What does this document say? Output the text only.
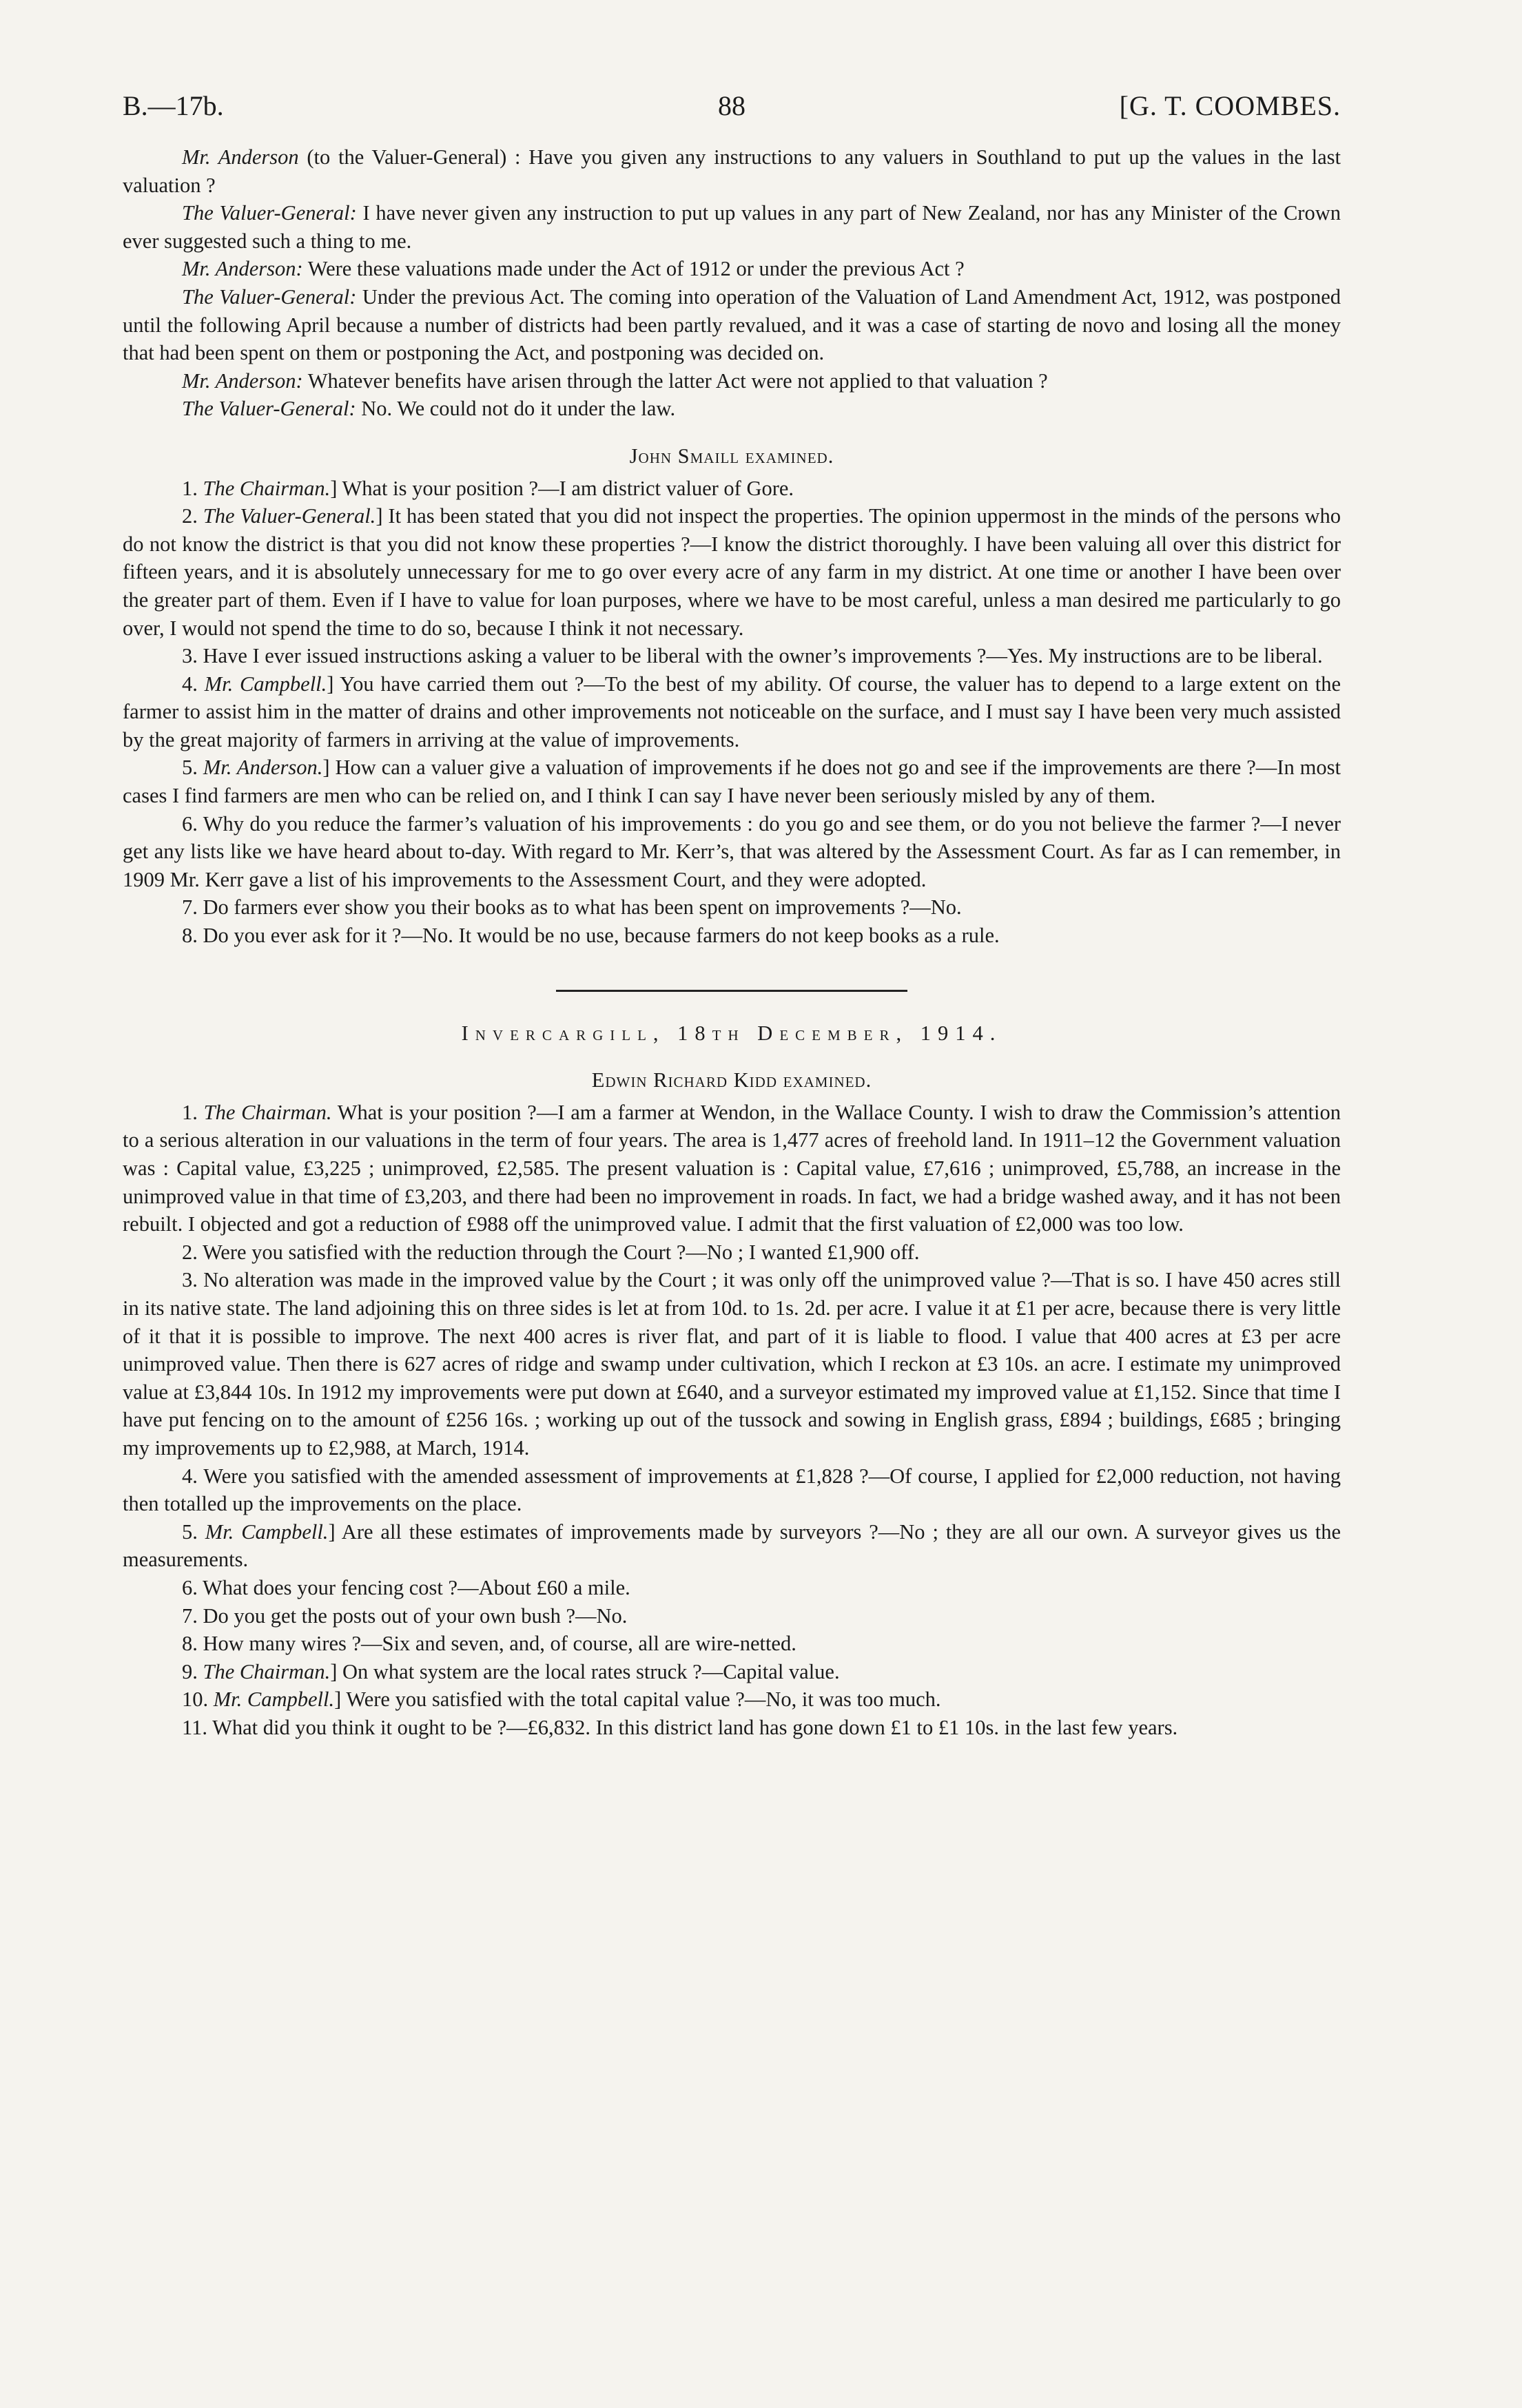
B.—17b.	88	[G. T. COOMBES.

Mr. Anderson (to the Valuer-General) : Have you given any instructions to any valuers in Southland to put up the values in the last valuation ?

The Valuer-General: I have never given any instruction to put up values in any part of New Zealand, nor has any Minister of the Crown ever suggested such a thing to me.

Mr. Anderson: Were these valuations made under the Act of 1912 or under the previous Act ?

The Valuer-General: Under the previous Act. The coming into operation of the Valuation of Land Amendment Act, 1912, was postponed until the following April because a number of districts had been partly revalued, and it was a case of starting de novo and losing all the money that had been spent on them or postponing the Act, and postponing was decided on.

Mr. Anderson: Whatever benefits have arisen through the latter Act were not applied to that valuation ?

The Valuer-General: No. We could not do it under the law.

John Smaill examined.

1. The Chairman.] What is your position ?—I am district valuer of Gore.

2. The Valuer-General.] It has been stated that you did not inspect the properties. The opinion uppermost in the minds of the persons who do not know the district is that you did not know these properties ?—I know the district thoroughly. I have been valuing all over this district for fifteen years, and it is absolutely unnecessary for me to go over every acre of any farm in my district. At one time or another I have been over the greater part of them. Even if I have to value for loan purposes, where we have to be most careful, unless a man desired me particularly to go over, I would not spend the time to do so, because I think it not necessary.

3. Have I ever issued instructions asking a valuer to be liberal with the owner’s improvements ?—Yes. My instructions are to be liberal.

4. Mr. Campbell.] You have carried them out ?—To the best of my ability. Of course, the valuer has to depend to a large extent on the farmer to assist him in the matter of drains and other improvements not noticeable on the surface, and I must say I have been very much assisted by the great majority of farmers in arriving at the value of improvements.

5. Mr. Anderson.] How can a valuer give a valuation of improvements if he does not go and see if the improvements are there ?—In most cases I find farmers are men who can be relied on, and I think I can say I have never been seriously misled by any of them.

6. Why do you reduce the farmer’s valuation of his improvements : do you go and see them, or do you not believe the farmer ?—I never get any lists like we have heard about to-day. With regard to Mr. Kerr’s, that was altered by the Assessment Court. As far as I can remember, in 1909 Mr. Kerr gave a list of his improvements to the Assessment Court, and they were adopted.

7. Do farmers ever show you their books as to what has been spent on improvements ?—No.

8. Do you ever ask for it ?—No. It would be no use, because farmers do not keep books as a rule.

Invercargill, 18th December, 1914.
Edwin Richard Kidd examined.

1. The Chairman. What is your position ?—I am a farmer at Wendon, in the Wallace County. I wish to draw the Commission’s attention to a serious alteration in our valuations in the term of four years. The area is 1,477 acres of freehold land. In 1911–12 the Government valuation was : Capital value, £3,225 ; unimproved, £2,585. The present valuation is : Capital value, £7,616 ; unimproved, £5,788, an increase in the unimproved value in that time of £3,203, and there had been no improvement in roads. In fact, we had a bridge washed away, and it has not been rebuilt. I objected and got a reduction of £988 off the unimproved value. I admit that the first valuation of £2,000 was too low.

2. Were you satisfied with the reduction through the Court ?—No ; I wanted £1,900 off.

3. No alteration was made in the improved value by the Court ; it was only off the unimproved value ?—That is so. I have 450 acres still in its native state. The land adjoining this on three sides is let at from 10d. to 1s. 2d. per acre. I value it at £1 per acre, because there is very little of it that it is possible to improve. The next 400 acres is river flat, and part of it is liable to flood. I value that 400 acres at £3 per acre unimproved value. Then there is 627 acres of ridge and swamp under cultivation, which I reckon at £3 10s. an acre. I estimate my unimproved value at £3,844 10s. In 1912 my improvements were put down at £640, and a surveyor estimated my improved value at £1,152. Since that time I have put fencing on to the amount of £256 16s. ; working up out of the tussock and sowing in English grass, £894 ; buildings, £685 ; bringing my improvements up to £2,988, at March, 1914.

4. Were you satisfied with the amended assessment of improvements at £1,828 ?—Of course, I applied for £2,000 reduction, not having then totalled up the improvements on the place.

5. Mr. Campbell.] Are all these estimates of improvements made by surveyors ?—No ; they are all our own. A surveyor gives us the measurements.

6. What does your fencing cost ?—About £60 a mile.

7. Do you get the posts out of your own bush ?—No.

8. How many wires ?—Six and seven, and, of course, all are wire-netted.

9. The Chairman.] On what system are the local rates struck ?—Capital value.

10. Mr. Campbell.] Were you satisfied with the total capital value ?—No, it was too much.

11. What did you think it ought to be ?—£6,832. In this district land has gone down £1 to £1 10s. in the last few years.
